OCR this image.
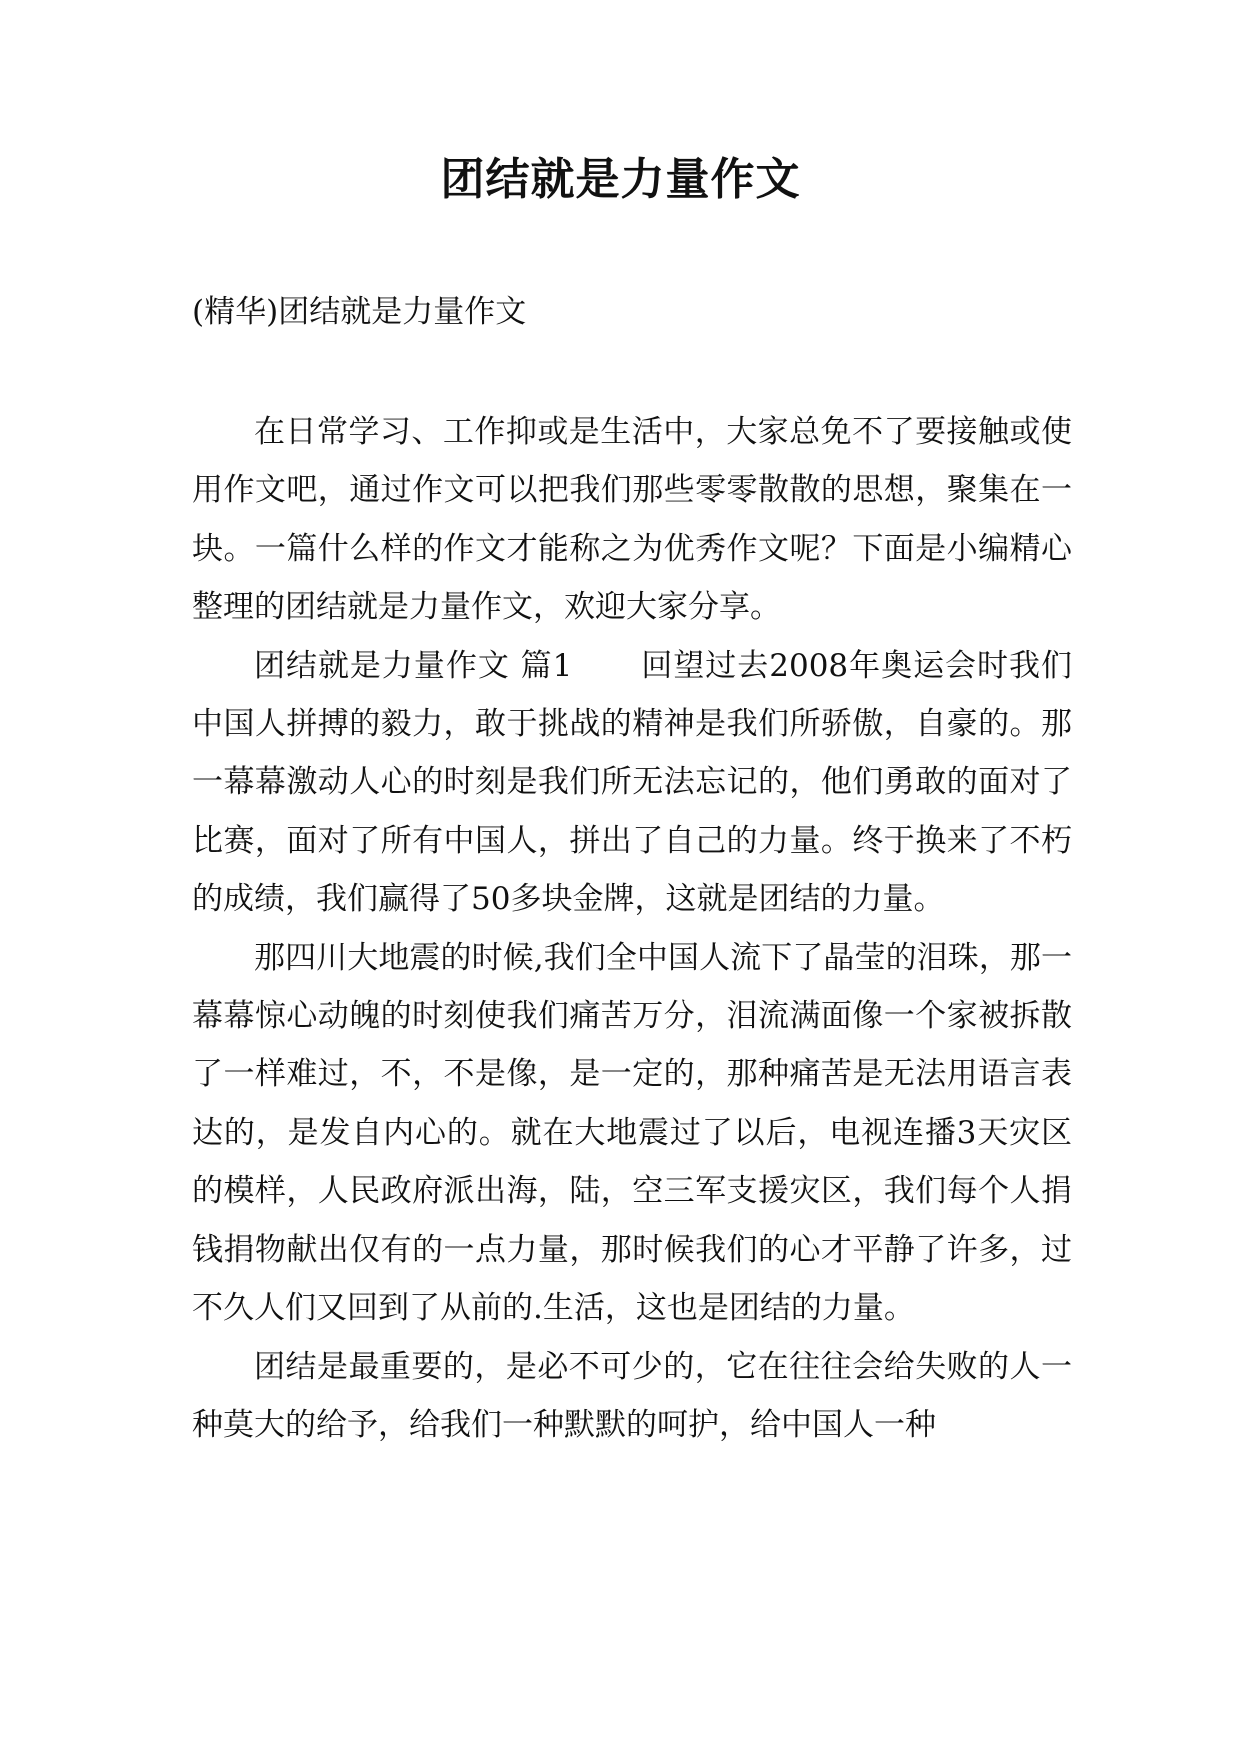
团结就是力量作文
(精华)团结就是力量作文

在日常学习、工作抑或是生活中，大家总免不了要接触或使用作文吧，通过作文可以把我们那些零零散散的思想，聚集在一块。一篇什么样的作文才能称之为优秀作文呢？下面是小编精心整理的团结就是力量作文，欢迎大家分享。

团结就是力量作文 篇1 回望过去2008年奥运会时我们中国人拼搏的毅力，敢于挑战的精神是我们所骄傲，自豪的。那一幕幕激动人心的时刻是我们所无法忘记的，他们勇敢的面对了比赛，面对了所有中国人，拼出了自己的力量。终于换来了不朽的成绩，我们赢得了50多块金牌，这就是团结的力量。

那四川大地震的时候,我们全中国人流下了晶莹的泪珠，那一幕幕惊心动魄的时刻使我们痛苦万分，泪流满面像一个家被拆散了一样难过，不，不是像，是一定的，那种痛苦是无法用语言表达的，是发自内心的。就在大地震过了以后，电视连播3天灾区的模样，人民政府派出海，陆，空三军支援灾区，我们每个人捐钱捐物献出仅有的一点力量，那时候我们的心才平静了许多，过不久人们又回到了从前的.生活，这也是团结的力量。

团结是最重要的，是必不可少的，它在往往会给失败的人一种莫大的给予，给我们一种默默的呵护，给中国人一种
